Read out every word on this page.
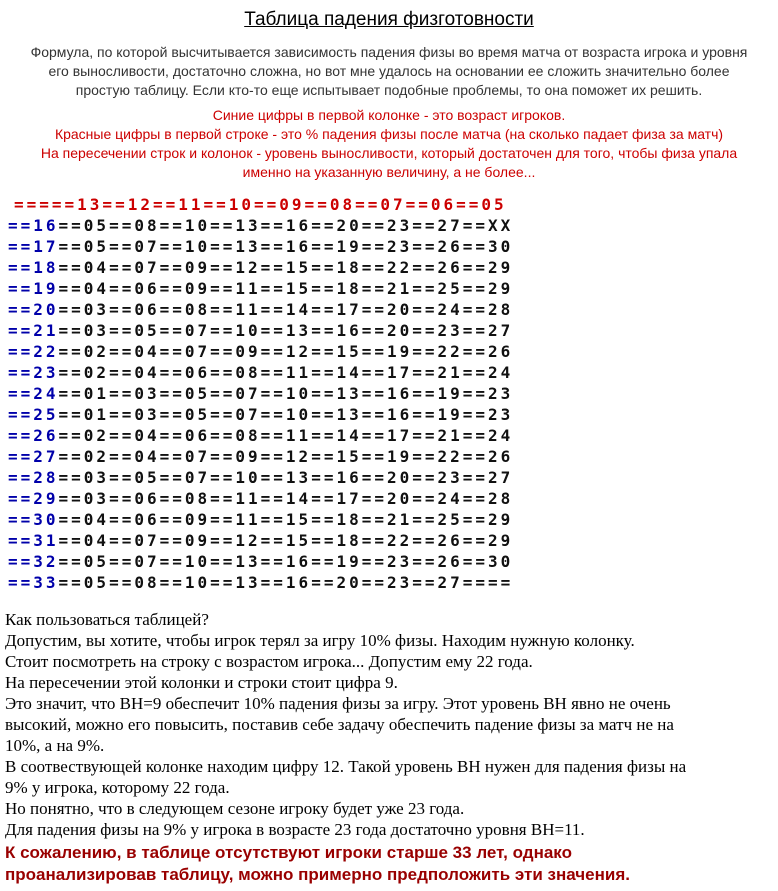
Таблица падения физготовности
Формула, по которой высчитывается зависимость падения физы во время матча от возраста игрока и уровня
его выносливости, достаточно сложна, но вот мне удалось на основании ее сложить значительно более
простую таблицу. Если кто-то еще испытывает подобные проблемы, то она поможет их решить.
Синие цифры в первой колонке - это возраст игроков.
Красные цифры в первой строке - это % падения физы после матча (на сколько падает физа за матч)
На пересечении строк и колонок - уровень выносливости, который достаточен для того, чтобы физа упала
именно на указанную величину, а не более...
=====13==12==11==10==09==08==07==06==05
==16==05==08==10==13==16==20==23==27==XX
==17==05==07==10==13==16==19==23==26==30
==18==04==07==09==12==15==18==22==26==29
==19==04==06==09==11==15==18==21==25==29
==20==03==06==08==11==14==17==20==24==28
==21==03==05==07==10==13==16==20==23==27
==22==02==04==07==09==12==15==19==22==26
==23==02==04==06==08==11==14==17==21==24
==24==01==03==05==07==10==13==16==19==23
==25==01==03==05==07==10==13==16==19==23
==26==02==04==06==08==11==14==17==21==24
==27==02==04==07==09==12==15==19==22==26
==28==03==05==07==10==13==16==20==23==27
==29==03==06==08==11==14==17==20==24==28
==30==04==06==09==11==15==18==21==25==29
==31==04==07==09==12==15==18==22==26==29
==32==05==07==10==13==16==19==23==26==30
==33==05==08==10==13==16==20==23==27====
Как пользоваться таблицей?
Допустим, вы хотите, чтобы игрок терял за игру 10% физы. Находим нужную колонку.
Стоит посмотреть на строку с возрастом игрока... Допустим ему 22 года.
На пересечении этой колонки и строки стоит цифра 9.
Это значит, что ВН=9 обеспечит 10% падения физы за игру. Этот уровень ВН явно не очень
высокий, можно его повысить, поставив себе задачу обеспечить падение физы за матч не на
10%, а на 9%.
В соотвествующей колонке находим цифру 12. Такой уровень ВН нужен для падения физы на
9% у игрока, которому 22 года.
Но понятно, что в следующем сезоне игроку будет уже 23 года.
Для падения физы на 9% у игрока в возрасте 23 года достаточно уровня ВН=11.
К сожалению, в таблице отсутствуют игроки старше 33 лет, однако
проанализировав таблицу, можно примерно предположить эти значения.
